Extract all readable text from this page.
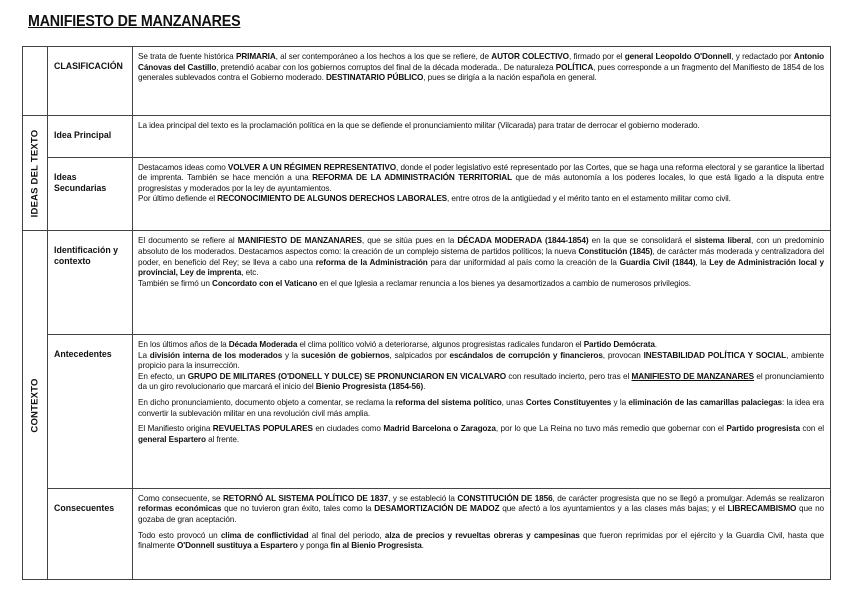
MANIFIESTO DE MANZANARES
	CLASIFICACIÓN	Se trata de fuente histórica PRIMARIA, al ser contemporáneo a los hechos a los que se refiere, de AUTOR COLECTIVO, firmado por el general Leopoldo O'Donnell, y redactado por Antonio Cánovas del Castillo, pretendió acabar con los gobiernos corruptos del final de la década moderada.. De naturaleza POLÍTICA, pues corresponde a un fragmento del Manifiesto de 1854 de los generales sublevados contra el Gobierno moderado. DESTINATARIO PÚBLICO, pues se dirigía a la nación española en general.

IDEAS DEL TEXTO	Idea Principal	La idea principal del texto es la proclamación política en la que se defiende el pronunciamiento militar (Vilcarada) para tratar de derrocar el gobierno moderado.

	Ideas Secundarias	Destacamos ideas como VOLVER A UN RÉGIMEN REPRESENTATIVO, donde el poder legislativo esté representado por las Cortes, que se haga una reforma electoral y se garantice la libertad de imprenta. También se hace mención a una REFORMA DE LA ADMINISTRACIÓN TERRITORIAL que de más autonomía a los poderes locales, lo que está ligado a la disputa entre progresistas y moderados por la ley de ayuntamientos.

Por último defiende el RECONOCIMIENTO DE ALGUNOS DERECHOS LABORALES, entre otros de la antigüedad y el mérito tanto en el estamento militar como civil.

CONTEXTO	Identificación y contexto	El documento se refiere al MANIFIESTO DE MANZANARES, que se sitúa pues en la DÉCADA MODERADA (1844-1854) en la que se consolidará el sistema liberal, con un predominio absoluto de los moderados. Destacamos aspectos como: la creación de un complejo sistema de partidos políticos; la nueva Constitución (1845), de carácter más moderada y centralizadora del poder, en beneficio del Rey; se lleva a cabo una reforma de la Administración para dar uniformidad al país como la creación de la Guardia Civil (1844), la Ley de Administración local y provincial, Ley de imprenta, etc.

También se firmó un Concordato con el Vaticano en el que Iglesia a reclamar renuncia a los bienes ya desamortizados a cambio de numerosos privilegios.

	Antecedentes	En los últimos años de la Década Moderada el clima político volvió a deteriorarse, algunos progresistas radicales fundaron el Partido Demócrata.

La división interna de los moderados y la sucesión de gobiernos, salpicados por escándalos de corrupción y financieros, provocan INESTABILIDAD POLÍTICA Y SOCIAL, ambiente propicio para la insurrección.

En efecto, un GRUPO DE MILITARES (O'DONELL Y DULCE) SE PRONUNCIARON EN VICALVARO con resultado incierto, pero tras el MANIFIESTO DE MANZANARES el pronunciamiento da un giro revolucionario que marcará el inicio del Bienio Progresista (1854-56).

En dicho pronunciamiento, documento objeto a comentar, se reclama la reforma del sistema político, unas Cortes Constituyentes y la eliminación de las camarillas palaciegas: la idea era convertir la sublevación militar en una revolución civil más amplia.

El Manifiesto origina REVUELTAS POPULARES en ciudades como Madrid Barcelona o Zaragoza, por lo que La Reina no tuvo más remedio que gobernar con el Partido progresista con el general Espartero al frente.

	Consecuentes	Como consecuente, se RETORNÓ AL SISTEMA POLÍTICO DE 1837, y se estableció la CONSTITUCIÓN DE 1856, de carácter progresista que no se llegó a promulgar. Además se realizaron reformas económicas que no tuvieron gran éxito, tales como la DESAMORTIZACIÓN DE MADOZ que afectó a los ayuntamientos y a las clases más bajas; y el LIBRECAMBISMO que no gozaba de gran aceptación.

Todo esto provocó un clima de conflictividad al final del periodo, alza de precios y revueltas obreras y campesinas que fueron reprimidas por el ejército y la Guardia Civil, hasta que finalmente O'Donnell sustituya a Espartero y ponga fin al Bienio Progresista.
